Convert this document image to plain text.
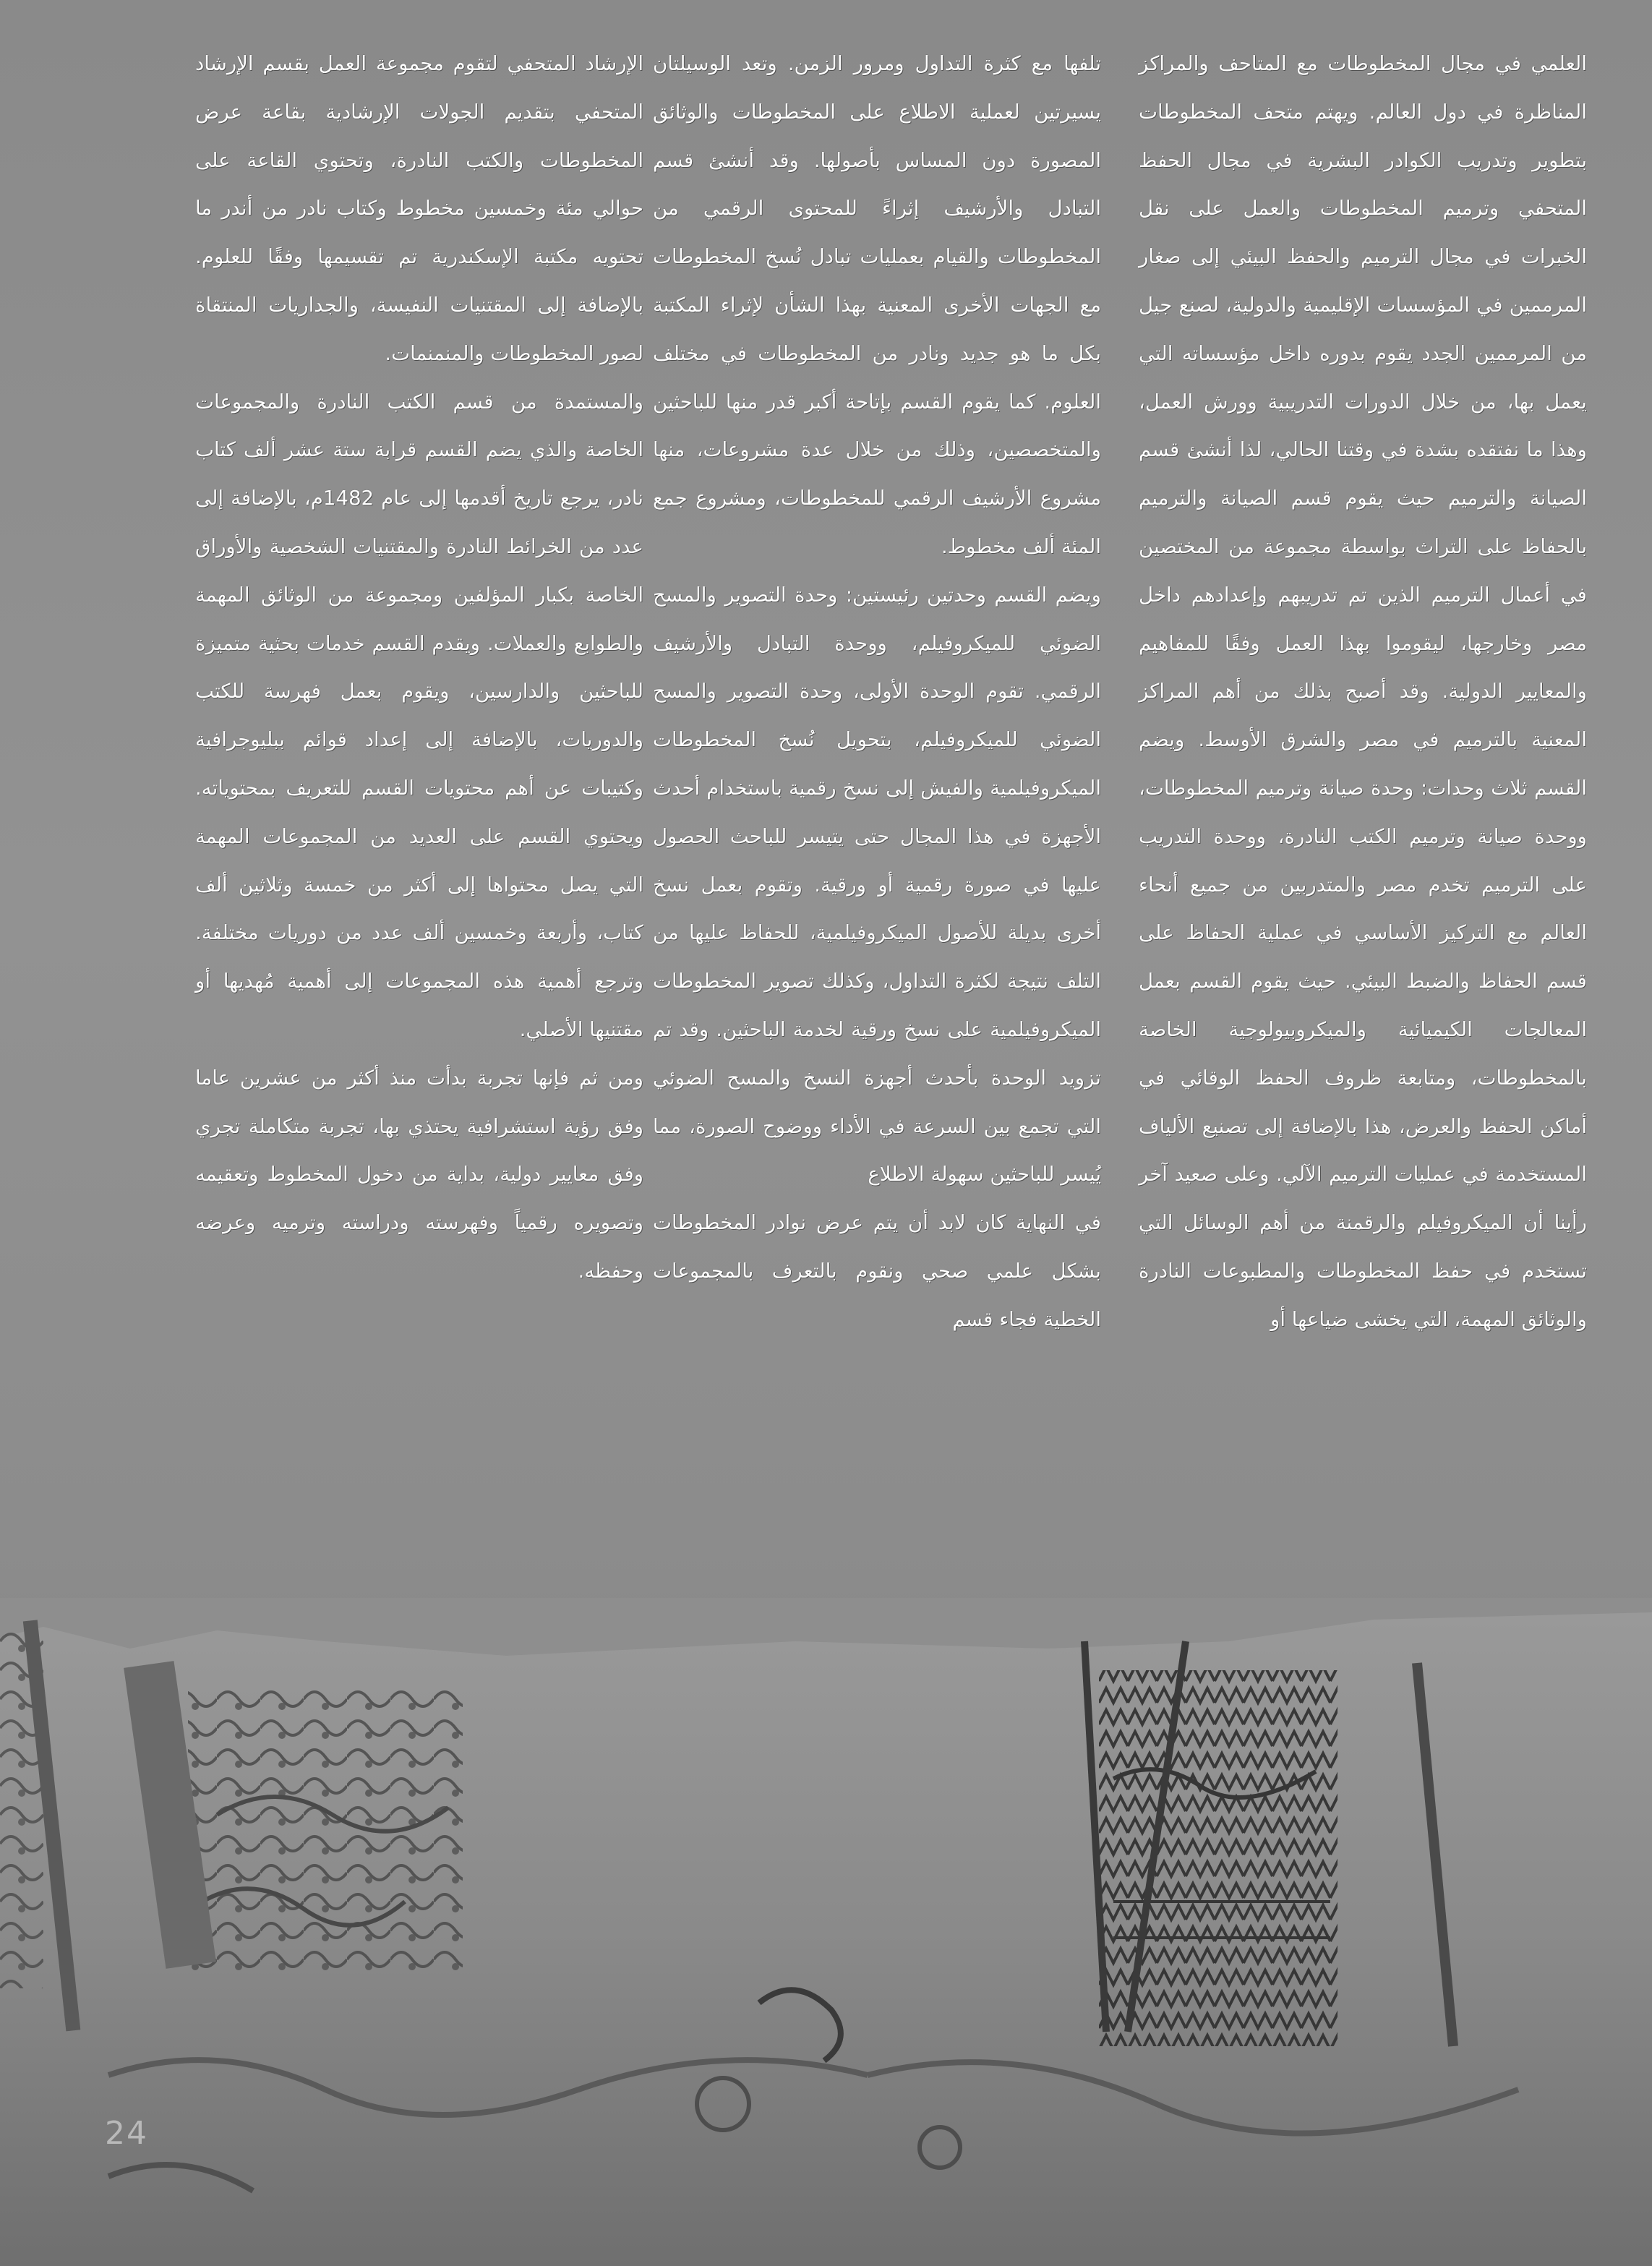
العلمي في مجال المخطوطات مع المتاحف والمراكز المناظرة في دول العالم. ويهتم متحف المخطوطات بتطوير وتدريب الكوادر البشرية في مجال الحفظ المتحفي وترميم المخطوطات والعمل على نقل الخبرات في مجال الترميم والحفظ البيئي إلى صغار المرممين في المؤسسات الإقليمية والدولية، لصنع جيل من المرممين الجدد يقوم بدوره داخل مؤسساته التي يعمل بها، من خلال الدورات التدريبية وورش العمل، وهذا ما نفتقده بشدة في وقتنا الحالي، لذا أنشئ قسم الصيانة والترميم حيث يقوم قسم الصيانة والترميم بالحفاظ على التراث بواسطة مجموعة من المختصين في أعمال الترميم الذين تم تدريبهم وإعدادهم داخل مصر وخارجها، ليقوموا بهذا العمل وفقًا للمفاهيم والمعايير الدولية. وقد أصبح بذلك من أهم المراكز المعنية بالترميم في مصر والشرق الأوسط. ويضم القسم ثلاث وحدات: وحدة صيانة وترميم المخطوطات، ووحدة صيانة وترميم الكتب النادرة، ووحدة التدريب على الترميم تخدم مصر والمتدربين من جميع أنحاء العالم مع التركيز الأساسي في عملية الحفاظ على قسم الحفاظ والضبط البيئي. حيث يقوم القسم بعمل المعالجات الكيميائية والميكروبيولوجية الخاصة بالمخطوطات، ومتابعة ظروف الحفظ الوقائي في أماكن الحفظ والعرض، هذا بالإضافة إلى تصنيع الألياف المستخدمة في عمليات الترميم الآلي. وعلى صعيد آخر رأينا أن الميكروفيلم والرقمنة من أهم الوسائل التي تستخدم في حفظ المخطوطات والمطبوعات النادرة والوثائق المهمة، التي يخشى ضياعها أو

تلفها مع كثرة التداول ومرور الزمن. وتعد الوسيلتان يسيرتين لعملية الاطلاع على المخطوطات والوثائق المصورة دون المساس بأصولها. وقد أنشئ قسم التبادل والأرشيف إثراءً للمحتوى الرقمي من المخطوطات والقيام بعمليات تبادل نُسخ المخطوطات مع الجهات الأخرى المعنية بهذا الشأن لإثراء المكتبة بكل ما هو جديد ونادر من المخطوطات في مختلف العلوم. كما يقوم القسم بإتاحة أكبر قدر منها للباحثين والمتخصصين، وذلك من خلال عدة مشروعات، منها مشروع الأرشيف الرقمي للمخطوطات، ومشروع جمع المئة ألف مخطوط.

ويضم القسم وحدتين رئيستين: وحدة التصوير والمسح الضوئي للميكروفيلم، ووحدة التبادل والأرشيف الرقمي. تقوم الوحدة الأولى، وحدة التصوير والمسح الضوئي للميكروفيلم، بتحويل نُسخ المخطوطات الميكروفيلمية والفيش إلى نسخ رقمية باستخدام أحدث الأجهزة في هذا المجال حتى يتيسر للباحث الحصول عليها في صورة رقمية أو ورقية. وتقوم بعمل نسخ أخرى بديلة للأصول الميكروفيلمية، للحفاظ عليها من التلف نتيجة لكثرة التداول، وكذلك تصوير المخطوطات الميكروفيلمية على نسخ ورقية لخدمة الباحثين. وقد تم تزويد الوحدة بأحدث أجهزة النسخ والمسح الضوئي التي تجمع بين السرعة في الأداء ووضوح الصورة، مما يُيسر للباحثين سهولة الاطلاع

في النهاية كان لابد أن يتم عرض نوادر المخطوطات بشكل علمي صحي ونقوم بالتعرف بالمجموعات الخطية فجاء قسم

الإرشاد المتحفي لتقوم مجموعة العمل بقسم الإرشاد المتحفي بتقديم الجولات الإرشادية بقاعة عرض المخطوطات والكتب النادرة، وتحتوي القاعة على حوالي مئة وخمسين مخطوط وكتاب نادر من أندر ما تحتويه مكتبة الإسكندرية تم تقسيمها وفقًا للعلوم. بالإضافة إلى المقتنيات النفيسة، والجداريات المنتقاة لصور المخطوطات والمنمنمات.

والمستمدة من قسم الكتب النادرة والمجموعات الخاصة والذي يضم القسم قرابة ستة عشر ألف كتاب نادر، يرجع تاريخ أقدمها إلى عام 1482م، بالإضافة إلى عدد من الخرائط النادرة والمقتنيات الشخصية والأوراق الخاصة بكبار المؤلفين ومجموعة من الوثائق المهمة والطوابع والعملات. ويقدم القسم خدمات بحثية متميزة للباحثين والدارسين، ويقوم بعمل فهرسة للكتب والدوريات، بالإضافة إلى إعداد قوائم ببليوجرافية وكتيبات عن أهم محتويات القسم للتعريف بمحتوياته. ويحتوي القسم على العديد من المجموعات المهمة التي يصل محتواها إلى أكثر من خمسة وثلاثين ألف كتاب، وأربعة وخمسين ألف عدد من دوريات مختلفة. وترجع أهمية هذه المجموعات إلى أهمية مُهديها أو مقتنيها الأصلي.

ومن ثم فإنها تجربة بدأت منذ أكثر من عشرين عاما وفق رؤية استشرافية يحتذي بها، تجربة متكاملة تجري وفق معايير دولية، بداية من دخول المخطوط وتعقيمه وتصويره رقمياً وفهرسته ودراسته وترميه وعرضه وحفظه.

24
